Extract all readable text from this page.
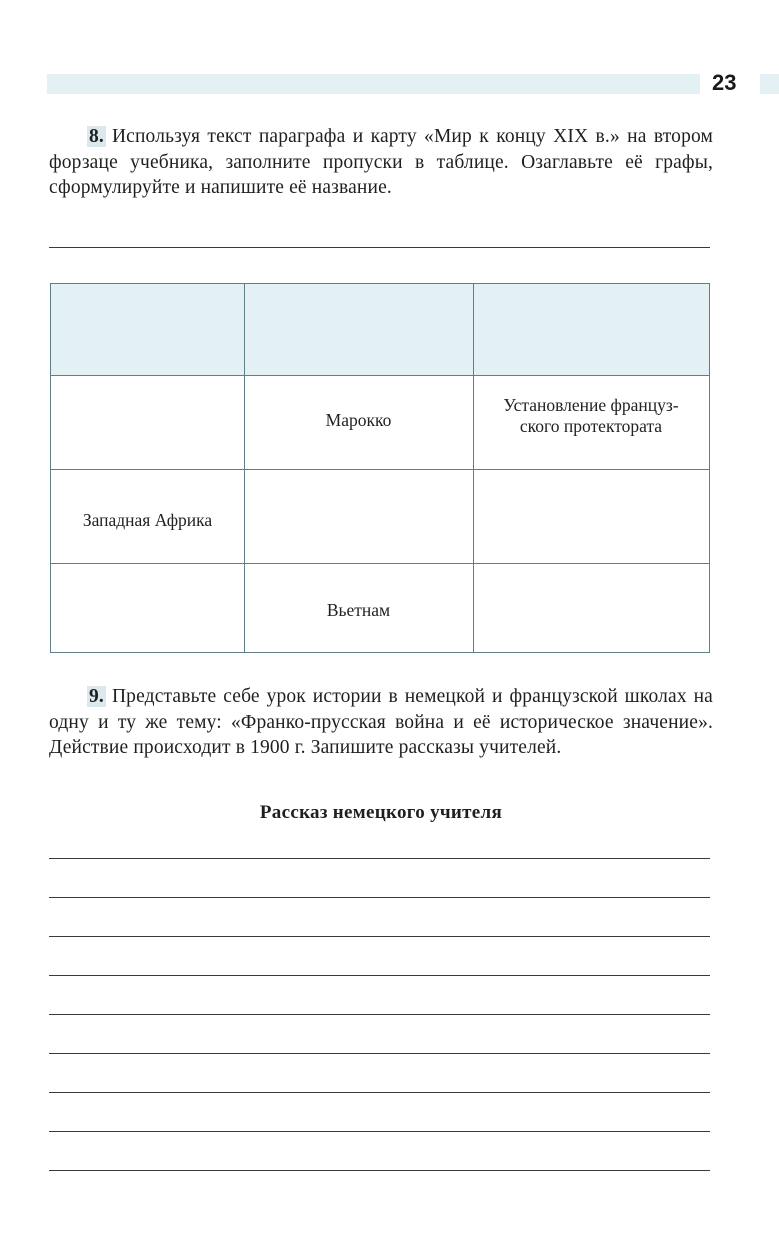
23
8. Используя текст параграфа и карту «Мир к концу XIX в.» на втором форзаце учебника, заполните пропуски в таблице. Озаглавьте её графы, сформулируйте и напишите её название.
Марокко
Установление француз-
ского протектората
Западная Африка
Вьетнам
9. Представьте себе урок истории в немецкой и французской школах на одну и ту же тему: «Франко-прусская война и её историческое значение». Действие происходит в 1900 г. Запишите рассказы учителей.
Рассказ немецкого учителя
